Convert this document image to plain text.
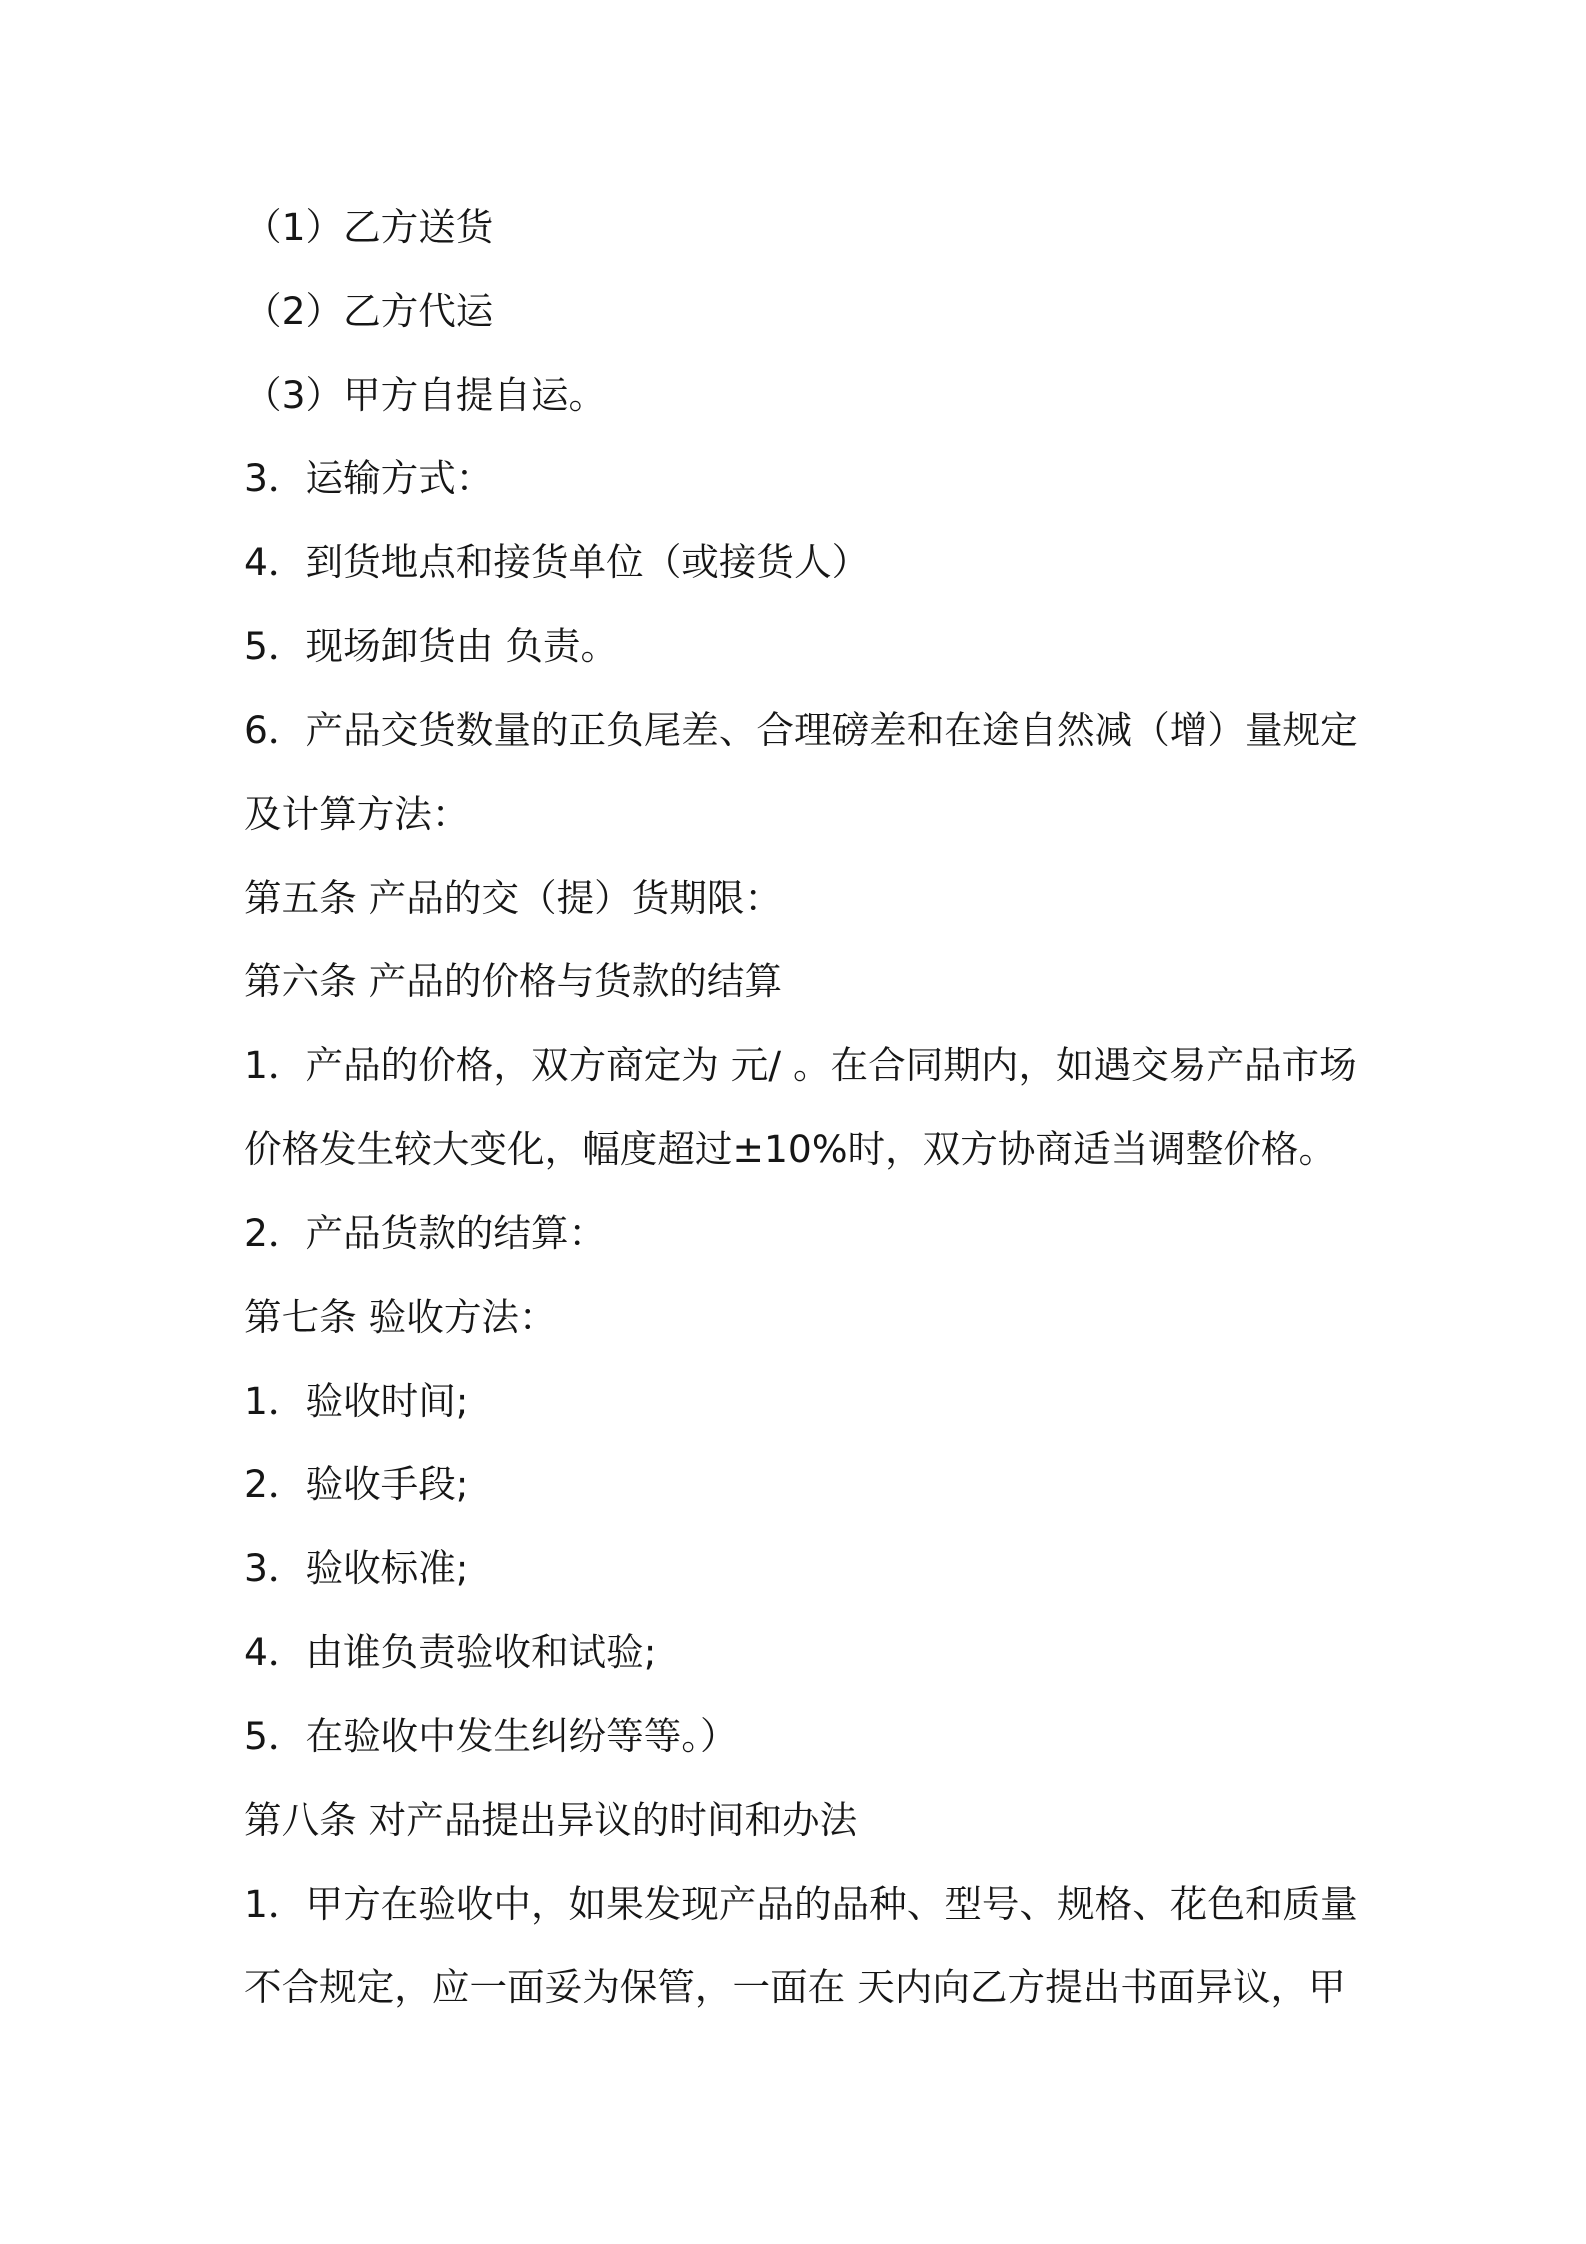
（1）乙方送货

（2）乙方代运

（3）甲方自提自运。

3．运输方式：

4．到货地点和接货单位（或接货人）

5．现场卸货由 负责。

6．产品交货数量的正负尾差、合理磅差和在途自然减（增）量规定

及计算方法：

第五条 产品的交（提）货期限：

第六条 产品的价格与货款的结算

1．产品的价格，双方商定为 元/ 。在合同期内，如遇交易产品市场

价格发生较大变化，幅度超过±10%时，双方协商适当调整价格。

2．产品货款的结算：

第七条 验收方法：

1．验收时间;

2．验收手段;

3．验收标准;

4．由谁负责验收和试验;

5．在验收中发生纠纷等等。）

第八条 对产品提出异议的时间和办法

1．甲方在验收中，如果发现产品的品种、型号、规格、花色和质量

不合规定，应一面妥为保管，一面在 天内向乙方提出书面异议，甲
